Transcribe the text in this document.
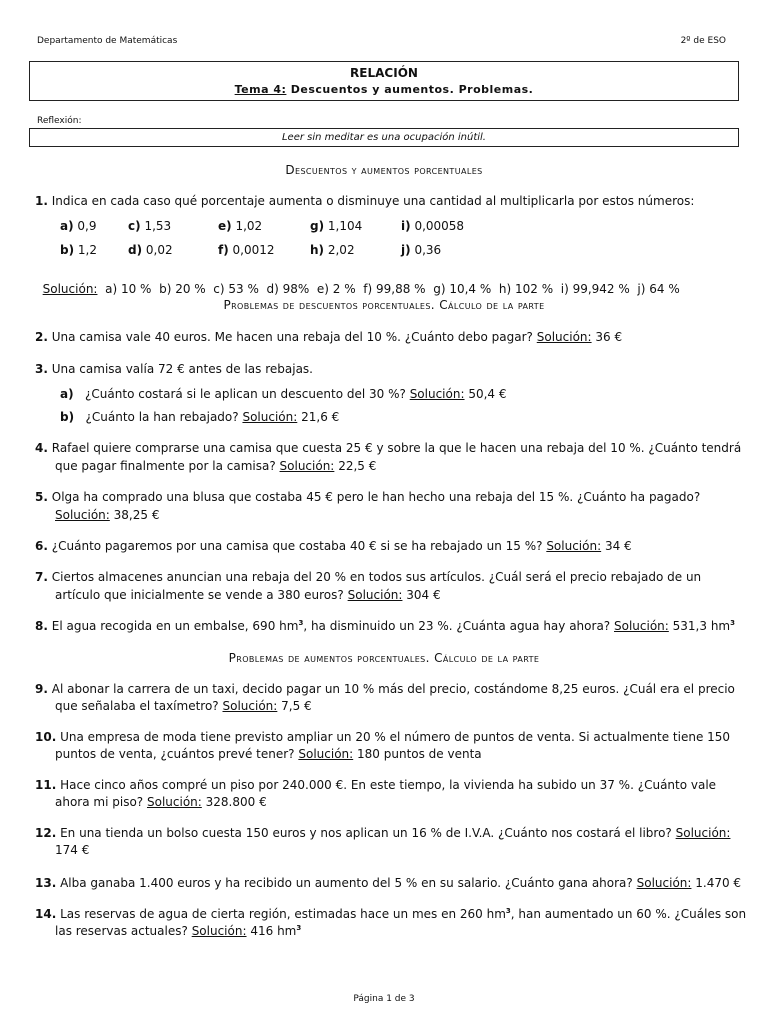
Departamento de Matemáticas	2º de ESO
RELACIÓN
Tema 4: Descuentos y aumentos. Problemas.
Reflexión:
Leer sin meditar es una ocupación inútil.
Descuentos y aumentos porcentuales
1. Indica en cada caso qué porcentaje aumenta o disminuye una cantidad al multiplicarla por estos números:
a) 0,9	c) 1,53	e) 1,02	g) 1,104	i) 0,00058
b) 1,2	d) 0,02	f) 0,0012	h) 2,02	j) 0,36

Solución: a) 10 %  b) 20 %  c) 53 %  d) 98%  e) 2 %  f) 99,88 %  g) 10,4 %  h) 102 %  i) 99,942 %  j) 64 %

Problemas de descuentos porcentuales. Cálculo de la parte
2. Una camisa vale 40 euros. Me hacen una rebaja del 10 %. ¿Cuánto debo pagar? Solución: 36 €
3. Una camisa valía 72 € antes de las rebajas.
a) ¿Cuánto costará si le aplican un descuento del 30 %? Solución: 50,4 €
b) ¿Cuánto la han rebajado? Solución: 21,6 €
4. Rafael quiere comprarse una camisa que cuesta 25 € y sobre la que le hacen una rebaja del 10 %. ¿Cuánto tendrá
que pagar finalmente por la camisa? Solución: 22,5 €
5. Olga ha comprado una blusa que costaba 45 € pero le han hecho una rebaja del 15 %. ¿Cuánto ha pagado?
Solución: 38,25 €
6. ¿Cuánto pagaremos por una camisa que costaba 40 € si se ha rebajado un 15 %? Solución: 34 €
7. Ciertos almacenes anuncian una rebaja del 20 % en todos sus artículos. ¿Cuál será el precio rebajado de un
artículo que inicialmente se vende a 380 euros? Solución: 304 €
8. El agua recogida en un embalse, 690 $hm^3$, ha disminuido un 23 %. ¿Cuánta agua hay ahora? Solución: 531,3 $hm^3$
Problemas de aumentos porcentuales. Cálculo de la parte
9. Al abonar la carrera de un taxi, decido pagar un 10 % más del precio, costándome 8,25 euros. ¿Cuál era el precio
que señalaba el taxímetro? Solución: 7,5 €
10. Una empresa de moda tiene previsto ampliar un 20 % el número de puntos de venta. Si actualmente tiene 150
puntos de venta, ¿cuántos prevé tener? Solución: 180 puntos de venta
11. Hace cinco años compré un piso por 240.000 €. En este tiempo, la vivienda ha subido un 37 %. ¿Cuánto vale
ahora mi piso? Solución: 328.800 €
12. En una tienda un bolso cuesta 150 euros y nos aplican un 16 % de I.V.A. ¿Cuánto nos costará el libro? Solución:
174 €
13. Alba ganaba 1.400 euros y ha recibido un aumento del 5 % en su salario. ¿Cuánto gana ahora? Solución: 1.470 €
14. Las reservas de agua de cierta región, estimadas hace un mes en 260 $hm^3$, han aumentado un 60 %. ¿Cuáles son
las reservas actuales? Solución: 416 $hm^3$
Página 1 de 3
